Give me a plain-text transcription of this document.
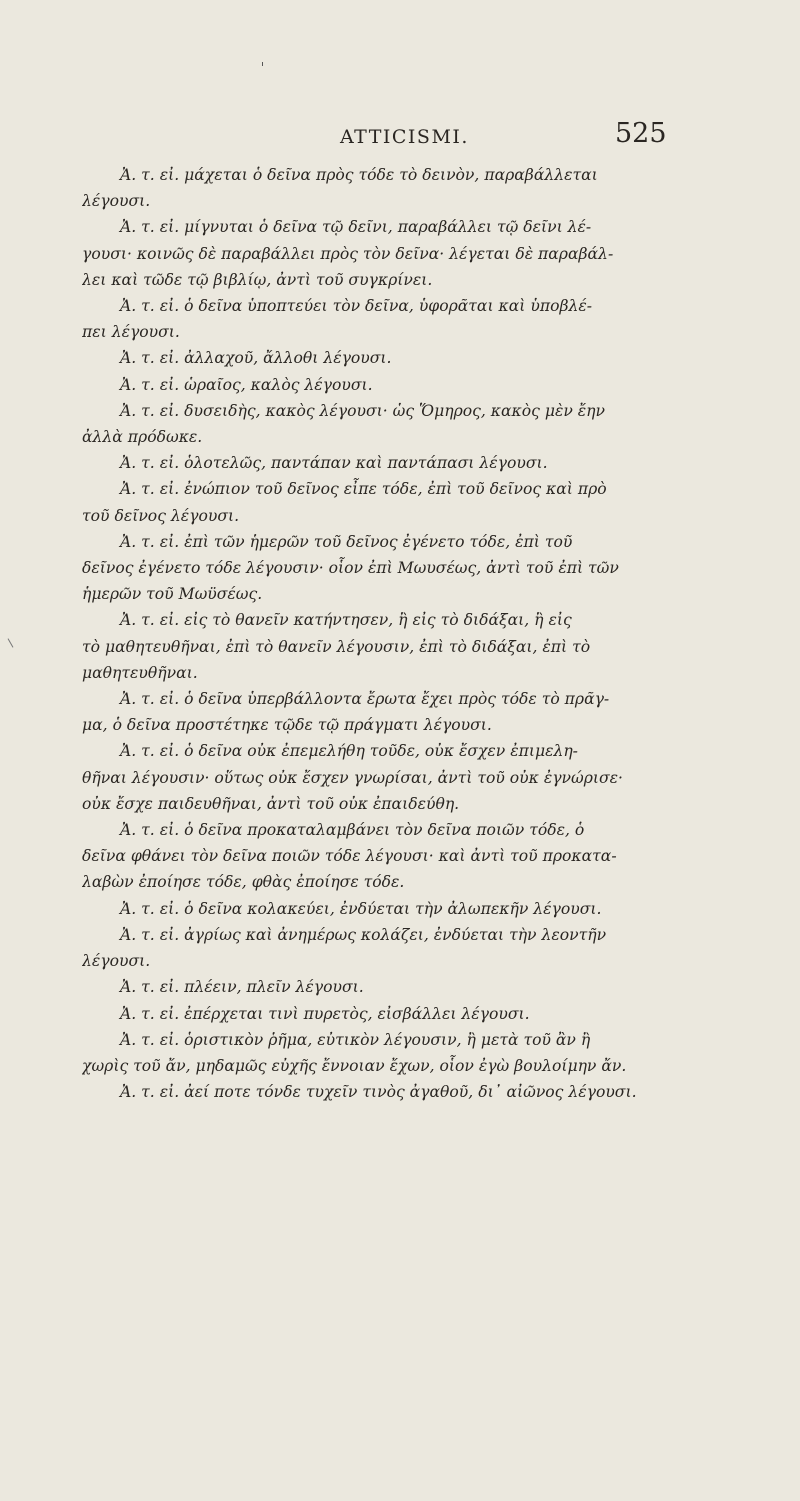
ATTICISMI.	525

Ἀ. τ. εἰ. μάχεται ὁ δεῖνα πρὸς τόδε τὸ δεινὸν, παραβάλλεται
λέγουσι.

Ἀ. τ. εἰ. μίγνυται ὁ δεῖνα τῷ δεῖνι, παραβάλλει τῷ δεῖνι λέ-
γουσι· κοινῶς δὲ παραβάλλει πρὸς τὸν δεῖνα· λέγεται δὲ παραβάλ-
λει καὶ τῶδε τῷ βιβλίῳ, ἀντὶ τοῦ συγκρίνει.

Ἀ. τ. εἰ. ὁ δεῖνα ὑποπτεύει τὸν δεῖνα, ὑφορᾶται καὶ ὑποβλέ-
πει λέγουσι.

Ἀ. τ. εἰ. ἀλλαχοῦ, ἄλλοθι λέγουσι.

Ἀ. τ. εἰ. ὡραῖος, καλὸς λέγουσι.

Ἀ. τ. εἰ. δυσειδὴς, κακὸς λέγουσι· ὡς Ὅμηρος, κακὸς μὲν ἔην
ἀλλὰ πρόδωκε.

Ἀ. τ. εἰ. ὁλοτελῶς, παντάπαν καὶ παντάπασι λέγουσι.

Ἀ. τ. εἰ. ἐνώπιον τοῦ δεῖνος εἶπε τόδε, ἐπὶ τοῦ δεῖνος καὶ πρὸ
τοῦ δεῖνος λέγουσι.

Ἀ. τ. εἰ. ἐπὶ τῶν ἡμερῶν τοῦ δεῖνος ἐγένετο τόδε, ἐπὶ τοῦ
δεῖνος ἐγένετο τόδε λέγουσιν· οἷον ἐπὶ Μωυσέως, ἀντὶ τοῦ ἐπὶ τῶν
ἡμερῶν τοῦ Μωϋσέως.

Ἀ. τ. εἰ. εἰς τὸ θανεῖν κατήντησεν, ἢ εἰς τὸ διδάξαι, ἢ εἰς
τὸ μαθητευθῆναι, ἐπὶ τὸ θανεῖν λέγουσιν, ἐπὶ τὸ διδάξαι, ἐπὶ τὸ
μαθητευθῆναι.

Ἀ. τ. εἰ. ὁ δεῖνα ὑπερβάλλοντα ἔρωτα ἔχει πρὸς τόδε τὸ πρᾶγ-
μα, ὁ δεῖνα προστέτηκε τῷδε τῷ πράγματι λέγουσι.

Ἀ. τ. εἰ. ὁ δεῖνα οὐκ ἐπεμελήθη τοῦδε, οὐκ ἔσχεν ἐπιμελη-
θῆναι λέγουσιν· οὕτως οὐκ ἔσχεν γνωρίσαι, ἀντὶ τοῦ οὐκ ἐγνώρισε·
οὐκ ἔσχε παιδευθῆναι, ἀντὶ τοῦ οὐκ ἐπαιδεύθη.

Ἀ. τ. εἰ. ὁ δεῖνα προκαταλαμβάνει τὸν δεῖνα ποιῶν τόδε, ὁ
δεῖνα φθάνει τὸν δεῖνα ποιῶν τόδε λέγουσι· καὶ ἀντὶ τοῦ προκατα-
λαβὼν ἐποίησε τόδε, φθὰς ἐποίησε τόδε.

Ἀ. τ. εἰ. ὁ δεῖνα κολακεύει, ἐνδύεται τὴν ἀλωπεκῆν λέγουσι.

Ἀ. τ. εἰ. ἀγρίως καὶ ἀνημέρως κολάζει, ἐνδύεται τὴν λεοντῆν
λέγουσι.

Ἀ. τ. εἰ. πλέειν, πλεῖν λέγουσι.

Ἀ. τ. εἰ. ἐπέρχεται τινὶ πυρετὸς, εἰσβάλλει λέγουσι.

Ἀ. τ. εἰ. ὁριστικὸν ῥῆμα, εὐτικὸν λέγουσιν, ἢ μετὰ τοῦ ἂν ἢ
χωρὶς τοῦ ἄν, μηδαμῶς εὐχῆς ἔννοιαν ἔχων, οἷον ἐγὼ βουλοίμην ἄν.

Ἀ. τ. εἰ. ἀεί ποτε τόνδε τυχεῖν τινὸς ἀγαθοῦ, δι᾽ αἰῶνος λέγουσι.
